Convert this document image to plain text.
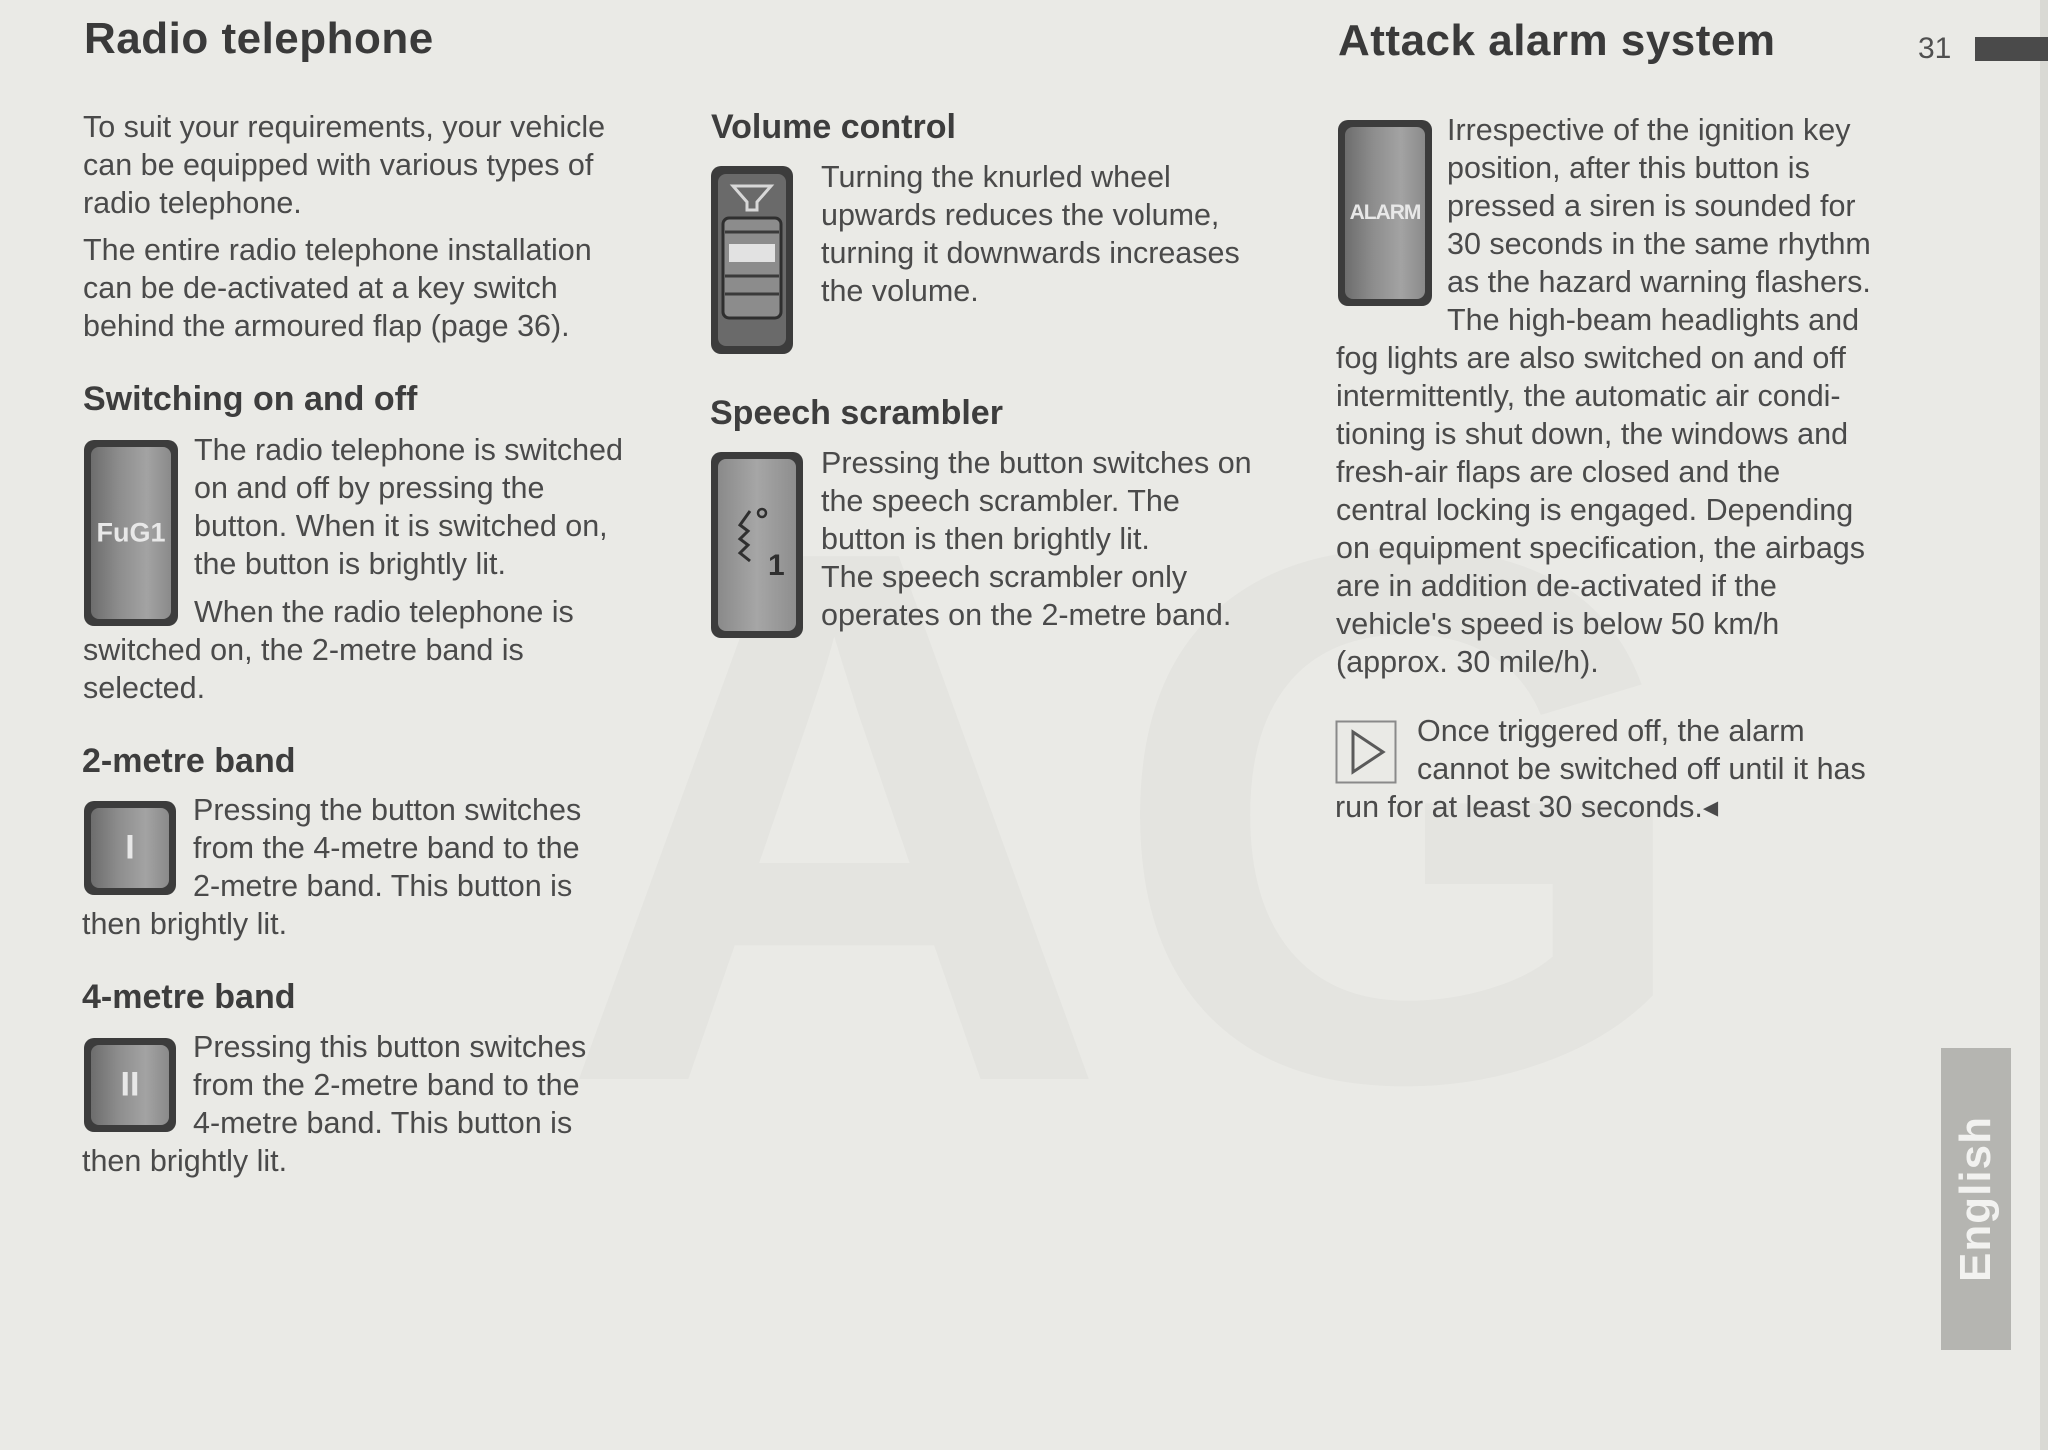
Radio telephone

To suit your requirements, your vehicle
can be equipped with various types of
radio telephone.

The entire radio telephone installation
can be de-activated at a key switch
behind the armoured flap (page 36).

Switching on and off
FuG1

The radio telephone is switched
on and off by pressing the
button. When it is switched on,
the button is brightly lit.
When the radio telephone is
switched on, the 2-metre band is
selected.

2-metre band
I

Pressing the button switches
from the 4-metre band to the
2-metre band. This button is
then brightly lit.

4-metre band
II

Pressing this button switches
from the 2-metre band to the
4-metre band. This button is
then brightly lit.

Volume control

Turning the knurled wheel
upwards reduces the volume,
turning it downwards increases
the volume.

Speech scrambler
1

Pressing the button switches on
the speech scrambler. The
button is then brightly lit.
The speech scrambler only
operates on the 2-metre band.

Attack alarm system	31
ALARM

Irrespective of the ignition key
position, after this button is
pressed a siren is sounded for
30 seconds in the same rhythm
as the hazard warning flashers.
The high-beam headlights and
fog lights are also switched on and off
intermittently, the automatic air condi-
tioning is shut down, the windows and
fresh-air flaps are closed and the
central locking is engaged. Depending
on equipment specification, the airbags
are in addition de-activated if the
vehicle's speed is below 50 km/h
(approx. 30 mile/h).

Once triggered off, the alarm
cannot be switched off until it has
run for at least 30 seconds.◂

English
